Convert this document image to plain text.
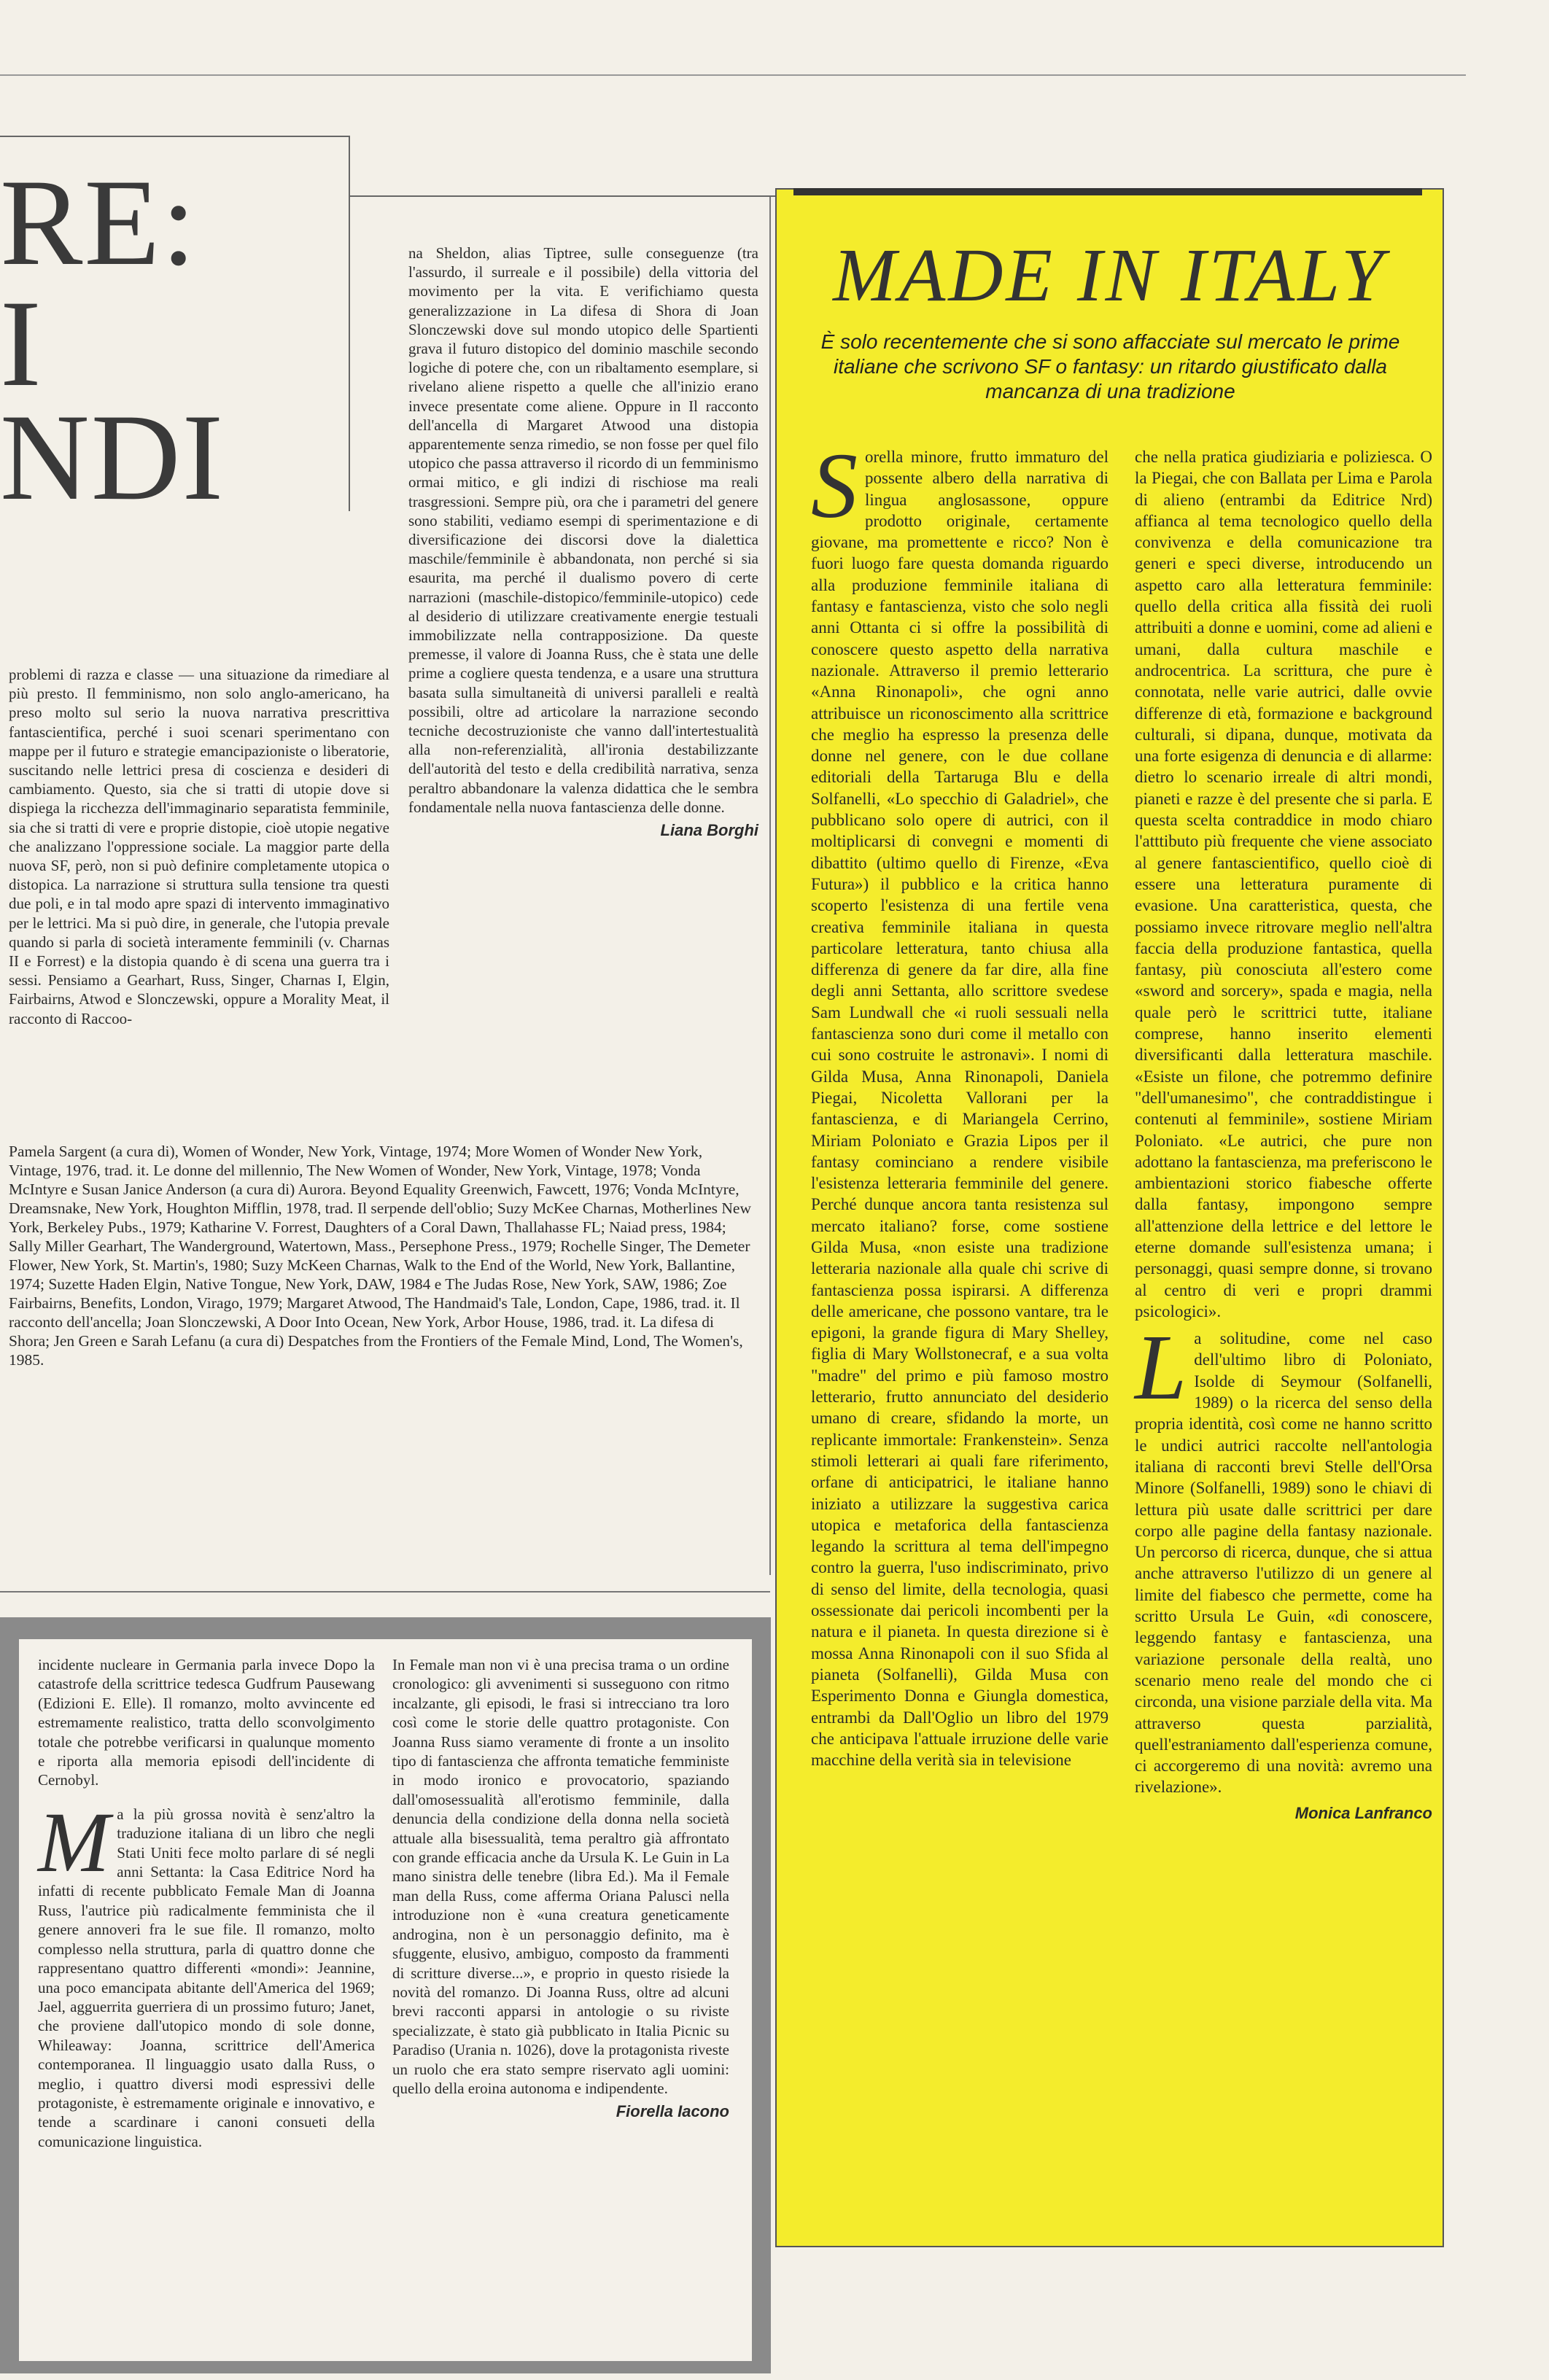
RE:
I
NDI

problemi di razza e classe — una situazione da rimediare al più presto. Il femminismo, non solo anglo-americano, ha preso molto sul serio la nuova narrativa prescrittiva fantascientifica, perché i suoi scenari sperimentano con mappe per il futuro e strategie emancipazioniste o liberatorie, suscitando nelle lettrici presa di coscienza e desideri di cambiamento. Questo, sia che si tratti di utopie dove si dispiega la ricchezza dell'immaginario separatista femminile, sia che si tratti di vere e proprie distopie, cioè utopie negative che analizzano l'oppressione sociale. La maggior parte della nuova SF, però, non si può definire completamente utopica o distopica. La narrazione si struttura sulla tensione tra questi due poli, e in tal modo apre spazi di intervento immaginativo per le lettrici. Ma si può dire, in generale, che l'utopia prevale quando si parla di società interamente femminili (v. Charnas II e Forrest) e la distopia quando è di scena una guerra tra i sessi. Pensiamo a Gearhart, Russ, Singer, Charnas I, Elgin, Fairbairns, Atwod e Slonczewski, oppure a Morality Meat, il racconto di Raccoo-

na Sheldon, alias Tiptree, sulle conseguenze (tra l'assurdo, il surreale e il possibile) della vittoria del movimento per la vita. E verifichiamo questa generalizzazione in La difesa di Shora di Joan Slonczewski dove sul mondo utopico delle Spartienti grava il futuro distopico del dominio maschile secondo logiche di potere che, con un ribaltamento esemplare, si rivelano aliene rispetto a quelle che all'inizio erano invece presentate come aliene. Oppure in Il racconto dell'ancella di Margaret Atwood una distopia apparentemente senza rimedio, se non fosse per quel filo utopico che passa attraverso il ricordo di un femminismo ormai mitico, e gli indizi di rischiose ma reali trasgressioni. Sempre più, ora che i parametri del genere sono stabiliti, vediamo esempi di sperimentazione e di diversificazione dei discorsi dove la dialettica maschile/femminile è abbandonata, non perché si sia esaurita, ma perché il dualismo povero di certe narrazioni (maschile-distopico/femminile-utopico) cede al desiderio di utilizzare creativamente energie testuali immobilizzate nella contrapposizione. Da queste premesse, il valore di Joanna Russ, che è stata une delle prime a cogliere questa tendenza, e a usare una struttura basata sulla simultaneità di universi paralleli e realtà possibili, oltre ad articolare la narrazione secondo tecniche decostruzioniste che vanno dall'intertestualità alla non-referenzialità, all'ironia destabilizzante dell'autorità del testo e della credibilità narrativa, senza peraltro abbandonare la valenza didattica che le sembra fondamentale nella nuova fantascienza delle donne.

Liana Borghi

Pamela Sargent (a cura di), Women of Wonder, New York, Vintage, 1974; More Women of Wonder New York, Vintage, 1976, trad. it. Le donne del millennio, The New Women of Wonder, New York, Vintage, 1978; Vonda McIntyre e Susan Janice Anderson (a cura di) Aurora. Beyond Equality Greenwich, Fawcett, 1976; Vonda McIntyre, Dreamsnake, New York, Houghton Mifflin, 1978, trad. Il serpende dell'oblio; Suzy McKee Charnas, Motherlines New York, Berkeley Pubs., 1979; Katharine V. Forrest, Daughters of a Coral Dawn, Thallahasse FL; Naiad press, 1984; Sally Miller Gearhart, The Wanderground, Watertown, Mass., Persephone Press., 1979; Rochelle Singer, The Demeter Flower, New York, St. Martin's, 1980; Suzy McKeen Charnas, Walk to the End of the World, New York, Ballantine, 1974; Suzette Haden Elgin, Native Tongue, New York, DAW, 1984 e The Judas Rose, New York, SAW, 1986; Zoe Fairbairns, Benefits, London, Virago, 1979; Margaret Atwood, The Handmaid's Tale, London, Cape, 1986, trad. it. Il racconto dell'ancella; Joan Slonczewski, A Door Into Ocean, New York, Arbor House, 1986, trad. it. La difesa di Shora; Jen Green e Sarah Lefanu (a cura di) Despatches from the Frontiers of the Female Mind, Lond, The Women's, 1985.

incidente nucleare in Germania parla invece Dopo la catastrofe della scrittrice tedesca Gudfrum Pausewang (Edizioni E. Elle). Il romanzo, molto avvincente ed estremamente realistico, tratta dello sconvolgimento totale che potrebbe verificarsi in qualunque momento e riporta alla memoria episodi dell'incidente di Cernobyl.

M a la più grossa novità è senz'altro la traduzione italiana di un libro che negli Stati Uniti fece molto parlare di sé negli anni Settanta: la Casa Editrice Nord ha infatti di recente pubblicato Female Man di Joanna Russ, l'autrice più radicalmente femminista che il genere annoveri fra le sue file. Il romanzo, molto complesso nella struttura, parla di quattro donne che rappresentano quattro differenti «mondi»: Jeannine, una poco emancipata abitante dell'America del 1969; Jael, agguerrita guerriera di un prossimo futuro; Janet, che proviene dall'utopico mondo di sole donne, Whileaway: Joanna, scrittrice dell'America contemporanea. Il linguaggio usato dalla Russ, o meglio, i quattro diversi modi espressivi delle protagoniste, è estremamente originale e innovativo, e tende a scardinare i canoni consueti della comunicazione linguistica.

In Female man non vi è una precisa trama o un ordine cronologico: gli avvenimenti si susseguono con ritmo incalzante, gli episodi, le frasi si intrecciano tra loro così come le storie delle quattro protagoniste. Con Joanna Russ siamo veramente di fronte a un insolito tipo di fantascienza che affronta tematiche femministe in modo ironico e provocatorio, spaziando dall'omosessualità all'erotismo femminile, dalla denuncia della condizione della donna nella società attuale alla bisessualità, tema peraltro già affrontato con grande efficacia anche da Ursula K. Le Guin in La mano sinistra delle tenebre (libra Ed.). Ma il Female man della Russ, come afferma Oriana Palusci nella introduzione non è «una creatura geneticamente androgina, non è un personaggio definito, ma è sfuggente, elusivo, ambiguo, composto da frammenti di scritture diverse...», e proprio in questo risiede la novità del romanzo. Di Joanna Russ, oltre ad alcuni brevi racconti apparsi in antologie o su riviste specializzate, è stato già pubblicato in Italia Picnic su Paradiso (Urania n. 1026), dove la protagonista riveste un ruolo che era stato sempre riservato agli uomini: quello della eroina autonoma e indipendente.

Fiorella Iacono
MADE IN ITALY
È solo recentemente che si sono affacciate sul mercato le prime italiane che scrivono SF o fantasy: un ritardo giustificato dalla mancanza di una tradizione

S orella minore, frutto immaturo del possente albero della narrativa di lingua anglosassone, oppure prodotto originale, certamente giovane, ma promettente e ricco? Non è fuori luogo fare questa domanda riguardo alla produzione femminile italiana di fantasy e fantascienza, visto che solo negli anni Ottanta ci si offre la possibilità di conoscere questo aspetto della narrativa nazionale. Attraverso il premio letterario «Anna Rinonapoli», che ogni anno attribuisce un riconoscimento alla scrittrice che meglio ha espresso la presenza delle donne nel genere, con le due collane editoriali della Tartaruga Blu e della Solfanelli, «Lo specchio di Galadriel», che pubblicano solo opere di autrici, con il moltiplicarsi di convegni e momenti di dibattito (ultimo quello di Firenze, «Eva Futura») il pubblico e la critica hanno scoperto l'esistenza di una fertile vena creativa femminile italiana in questa particolare letteratura, tanto chiusa alla differenza di genere da far dire, alla fine degli anni Settanta, allo scrittore svedese Sam Lundwall che «i ruoli sessuali nella fantascienza sono duri come il metallo con cui sono costruite le astronavi». I nomi di Gilda Musa, Anna Rinonapoli, Daniela Piegai, Nicoletta Vallorani per la fantascienza, e di Mariangela Cerrino, Miriam Poloniato e Grazia Lipos per il fantasy cominciano a rendere visibile l'esistenza letteraria femminile del genere. Perché dunque ancora tanta resistenza sul mercato italiano? forse, come sostiene Gilda Musa, «non esiste una tradizione letteraria nazionale alla quale chi scrive di fantascienza possa ispirarsi. A differenza delle americane, che possono vantare, tra le epigoni, la grande figura di Mary Shelley, figlia di Mary Wollstonecraf, e a sua volta "madre" del primo e più famoso mostro letterario, frutto annunciato del desiderio umano di creare, sfidando la morte, un replicante immortale: Frankenstein». Senza stimoli letterari ai quali fare riferimento, orfane di anticipatrici, le italiane hanno iniziato a utilizzare la suggestiva carica utopica e metaforica della fantascienza legando la scrittura al tema dell'impegno contro la guerra, l'uso indiscriminato, privo di senso del limite, della tecnologia, quasi ossessionate dai pericoli incombenti per la natura e il pianeta. In questa direzione si è mossa Anna Rinonapoli con il suo Sfida al pianeta (Solfanelli), Gilda Musa con Esperimento Donna e Giungla domestica, entrambi da Dall'Oglio un libro del 1979 che anticipava l'attuale irruzione delle varie macchine della verità sia in televisione

che nella pratica giudiziaria e poliziesca. O la Piegai, che con Ballata per Lima e Parola di alieno (entrambi da Editrice Nrd) affianca al tema tecnologico quello della convivenza e della comunicazione tra generi e speci diverse, introducendo un aspetto caro alla letteratura femminile: quello della critica alla fissità dei ruoli attribuiti a donne e uomini, come ad alieni e umani, dalla cultura maschile e androcentrica. La scrittura, che pure è connotata, nelle varie autrici, dalle ovvie differenze di età, formazione e background culturali, si dipana, dunque, motivata da una forte esigenza di denuncia e di allarme: dietro lo scenario irreale di altri mondi, pianeti e razze è del presente che si parla. E questa scelta contraddice in modo chiaro l'atttibuto più frequente che viene associato al genere fantascientifico, quello cioè di essere una letteratura puramente di evasione. Una caratteristica, questa, che possiamo invece ritrovare meglio nell'altra faccia della produzione fantastica, quella fantasy, più conosciuta all'estero come «sword and sorcery», spada e magia, nella quale però le scrittrici tutte, italiane comprese, hanno inserito elementi diversificanti dalla letteratura maschile. «Esiste un filone, che potremmo definire "dell'umanesimo", che contraddistingue i contenuti al femminile», sostiene Miriam Poloniato. «Le autrici, che pure non adottano la fantascienza, ma preferiscono le ambientazioni storico fiabesche offerte dalla fantasy, impongono sempre all'attenzione della lettrice e del lettore le eterne domande sull'esistenza umana; i personaggi, quasi sempre donne, si trovano al centro di veri e propri drammi psicologici».

L a solitudine, come nel caso dell'ultimo libro di Poloniato, Isolde di Seymour (Solfanelli, 1989) o la ricerca del senso della propria identità, così come ne hanno scritto le undici autrici raccolte nell'antologia italiana di racconti brevi Stelle dell'Orsa Minore (Solfanelli, 1989) sono le chiavi di lettura più usate dalle scrittrici per dare corpo alle pagine della fantasy nazionale. Un percorso di ricerca, dunque, che si attua anche attraverso l'utilizzo di un genere al limite del fiabesco che permette, come ha scritto Ursula Le Guin, «di conoscere, leggendo fantasy e fantascienza, una variazione personale della realtà, uno scenario meno reale del mondo che ci circonda, una visione parziale della vita. Ma attraverso questa parzialità, quell'estraniamento dall'esperienza comune, ci accorgeremo di una novità: avremo una rivelazione».

Monica Lanfranco
